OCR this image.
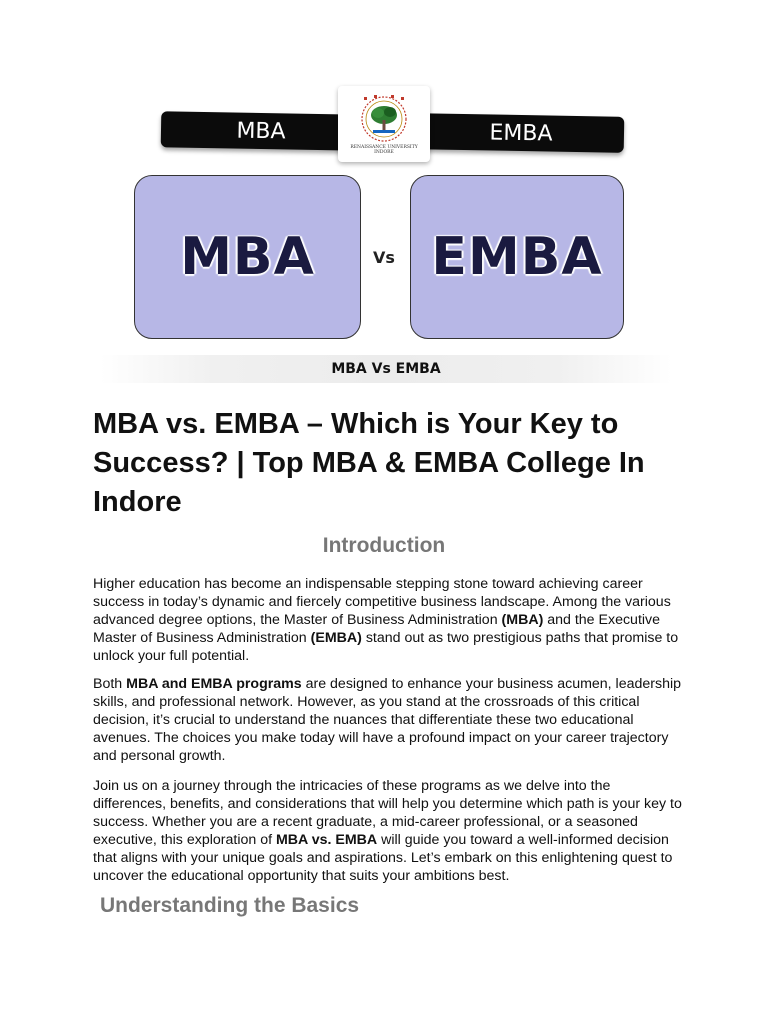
MBA	EMBA
RENAISSANCE UNIVERSITY
INDORE
MBA	Vs EMBA
MBA Vs EMBA
MBA vs. EMBA – Which is Your Key to Success? | Top MBA & EMBA College In Indore
Introduction

Higher education has become an indispensable stepping stone toward achieving career success in today’s dynamic and fiercely competitive business landscape. Among the various advanced degree options, the Master of Business Administration (MBA) and the Executive Master of Business Administration (EMBA) stand out as two prestigious paths that promise to unlock your full potential.

Both MBA and EMBA programs are designed to enhance your business acumen, leadership skills, and professional network. However, as you stand at the crossroads of this critical decision, it’s crucial to understand the nuances that differentiate these two educational avenues. The choices you make today will have a profound impact on your career trajectory and personal growth.

Join us on a journey through the intricacies of these programs as we delve into the differences, benefits, and considerations that will help you determine which path is your key to success. Whether you are a recent graduate, a mid-career professional, or a seasoned executive, this exploration of MBA vs. EMBA will guide you toward a well-informed decision that aligns with your unique goals and aspirations. Let’s embark on this enlightening quest to uncover the educational opportunity that suits your ambitions best.

Understanding the Basics
